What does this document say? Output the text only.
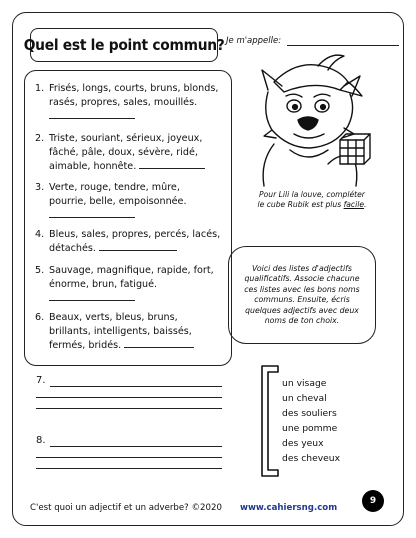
Quel est le point commun? Je m'appelle:
1. Frisés, longs, courts, bruns, blonds,
rasés, propres, sales, mouillés.
2. Triste, souriant, sérieux, joyeux,
fâché, pâle, doux, sévère, ridé,
aimable, honnête.
3. Verte, rouge, tendre, mûre,
pourrie, belle, empoisonnée.
4. Bleus, sales, propres, percés, lacés,
détachés.
5. Sauvage, magnifique, rapide, fort,
énorme, brun, fatigué.
6. Beaux, verts, bleus, bruns,
brillants, intelligents, baissés,
fermés, bridés.
7.
8.
Pour Lili la louve, compléter
le cube Rubik est plus facile.
Voici des listes d'adjectifs
qualificatifs. Associe chacune
ces listes avec les bons noms
communs. Ensuite, écris
quelques adjectifs avec deux
noms de ton choix.
un visage
un cheval
des souliers
une pomme
des yeux
des cheveux
C'est quoi un adjectif et un adverbe? ©2020 www.cahiersng.com
9
